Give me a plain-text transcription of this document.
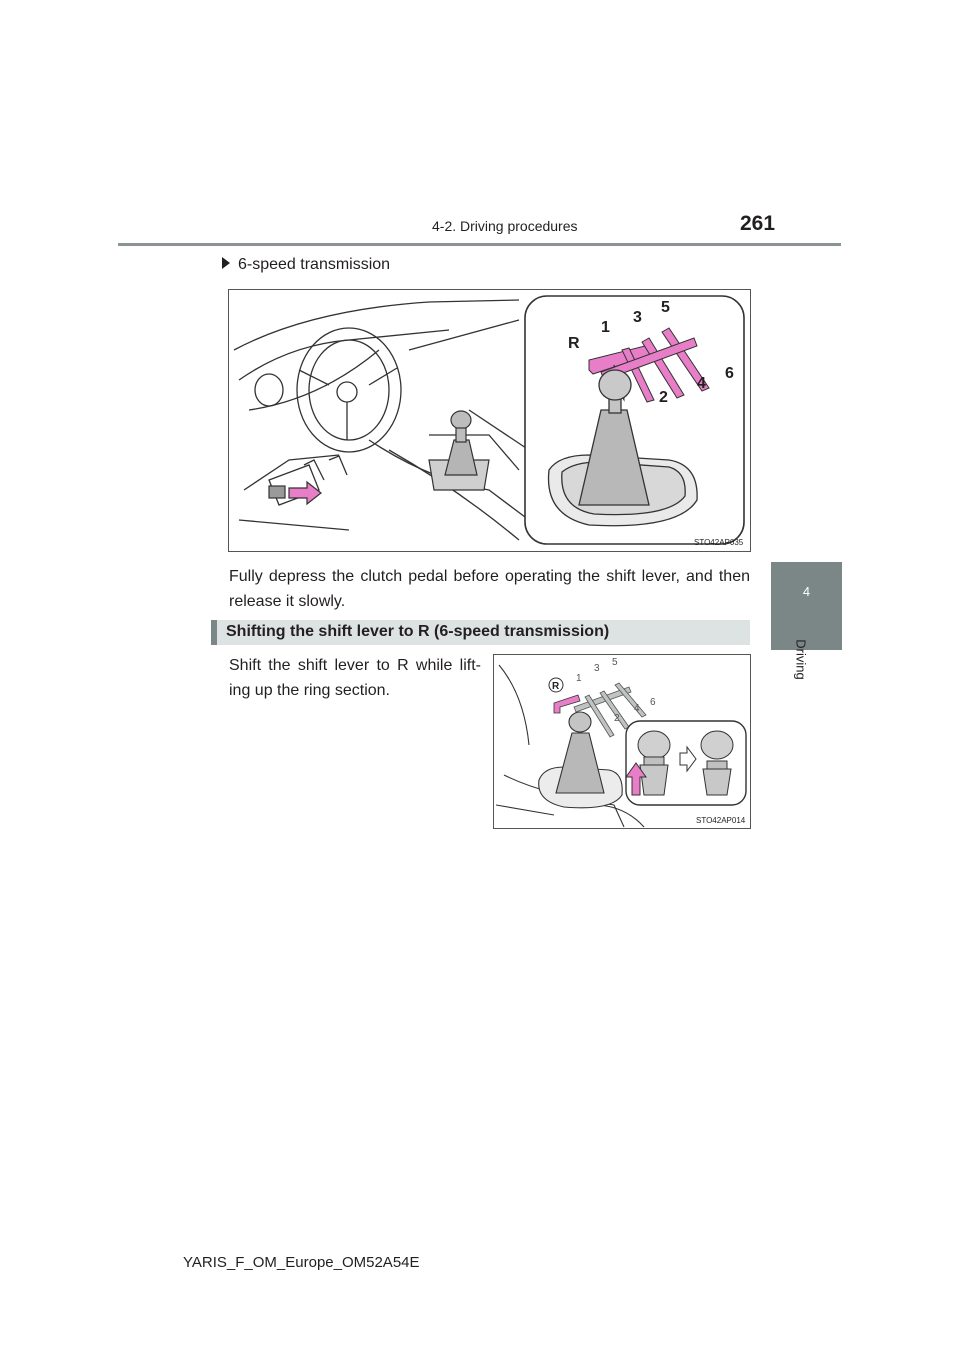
4-2. Driving procedures	261
4
Driving
6-speed transmission
R
1
3
5
2
4
6
STO42AP035
Fully depress the clutch pedal before operating the shift lever, and then release it slowly.
Shifting the shift lever to R (6-speed transmission)
Shift the shift lever to R while lift-ing up the ring section.	R
1
3
5
2
4
6
STO42AP014
YARIS_F_OM_Europe_OM52A54E
